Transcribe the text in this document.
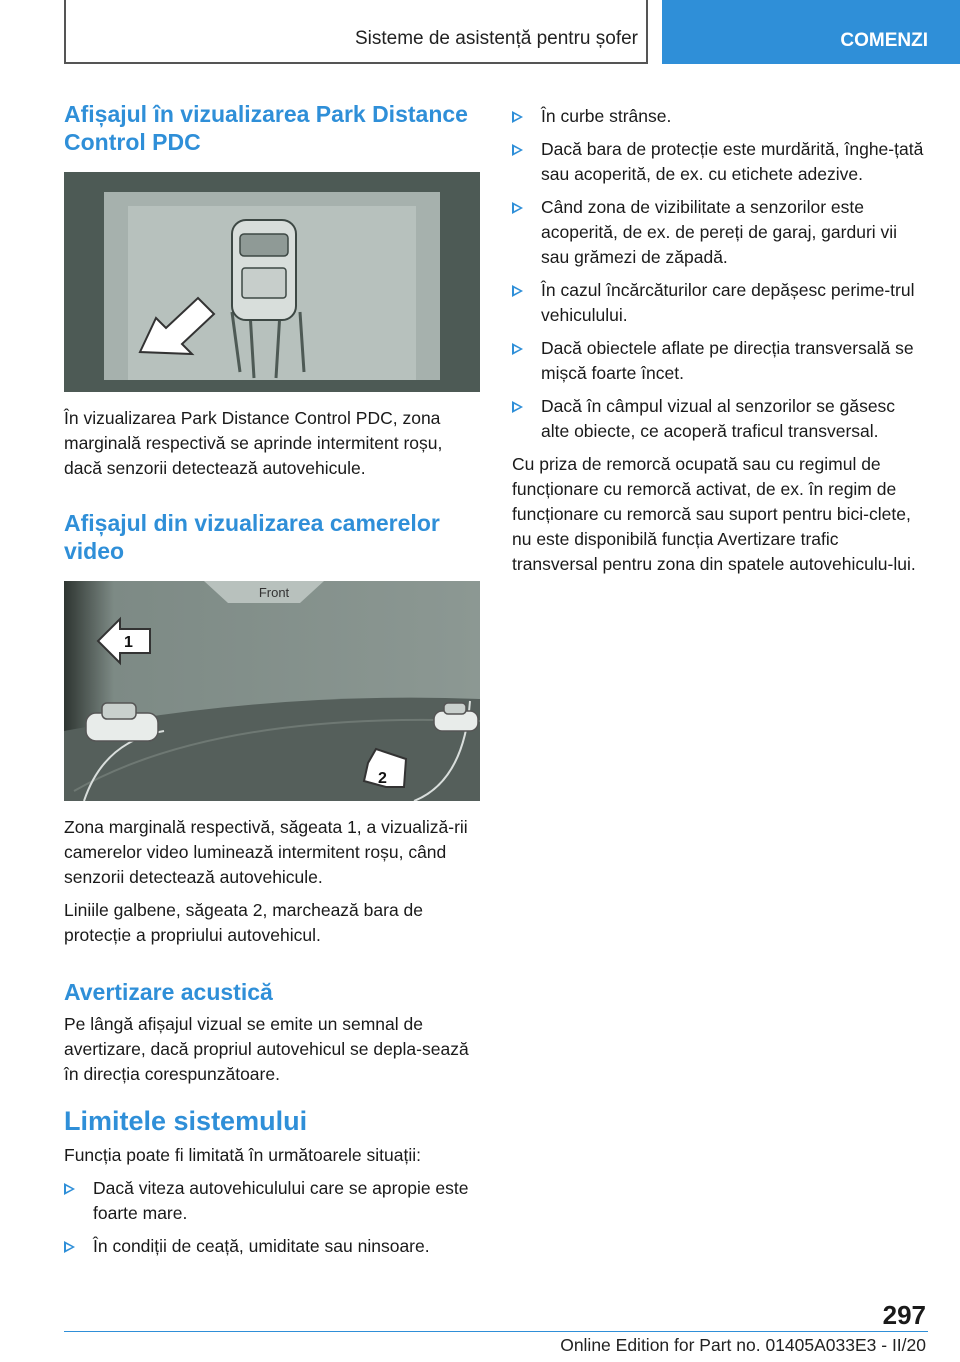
Sisteme de asistență pentru șofer	COMENZI
Afișajul în vizualizarea Park Distance Control PDC

În vizualizarea Park Distance Control PDC, zona marginală respectivă se aprinde intermitent roșu, dacă senzorii detectează autovehicule.

Afișajul din vizualizarea camerelor video
Front
1
2

Zona marginală respectivă, săgeata 1, a vizualiză-rii camerelor video luminează intermitent roșu, când senzorii detectează autovehicule.

Liniile galbene, săgeata 2, marchează bara de protecție a propriului autovehicul.

Avertizare acustică

Pe lângă afișajul vizual se emite un semnal de avertizare, dacă propriul autovehicul se depla-sează în direcția corespunzătoare.

Limitele sistemului

Funcția poate fi limitată în următoarele situații:

Dacă viteza autovehiculului care se apropie este foarte mare.
În condiții de ceață, umiditate sau ninsoare.
În curbe strânse.
Dacă bara de protecție este murdărită, înghe-țată sau acoperită, de ex. cu etichete adezive.
Când zona de vizibilitate a senzorilor este acoperită, de ex. de pereți de garaj, garduri vii sau grămezi de zăpadă.
În cazul încărcăturilor care depășesc perime-trul vehiculului.
Dacă obiectele aflate pe direcția transversală se mișcă foarte încet.
Dacă în câmpul vizual al senzorilor se găsesc alte obiecte, ce acoperă traficul transversal.

Cu priza de remorcă ocupată sau cu regimul de funcționare cu remorcă activat, de ex. în regim de funcționare cu remorcă sau suport pentru bici-clete, nu este disponibilă funcția Avertizare trafic transversal pentru zona din spatele autovehiculu-lui.

297
Online Edition for Part no. 01405A033E3 - II/20
